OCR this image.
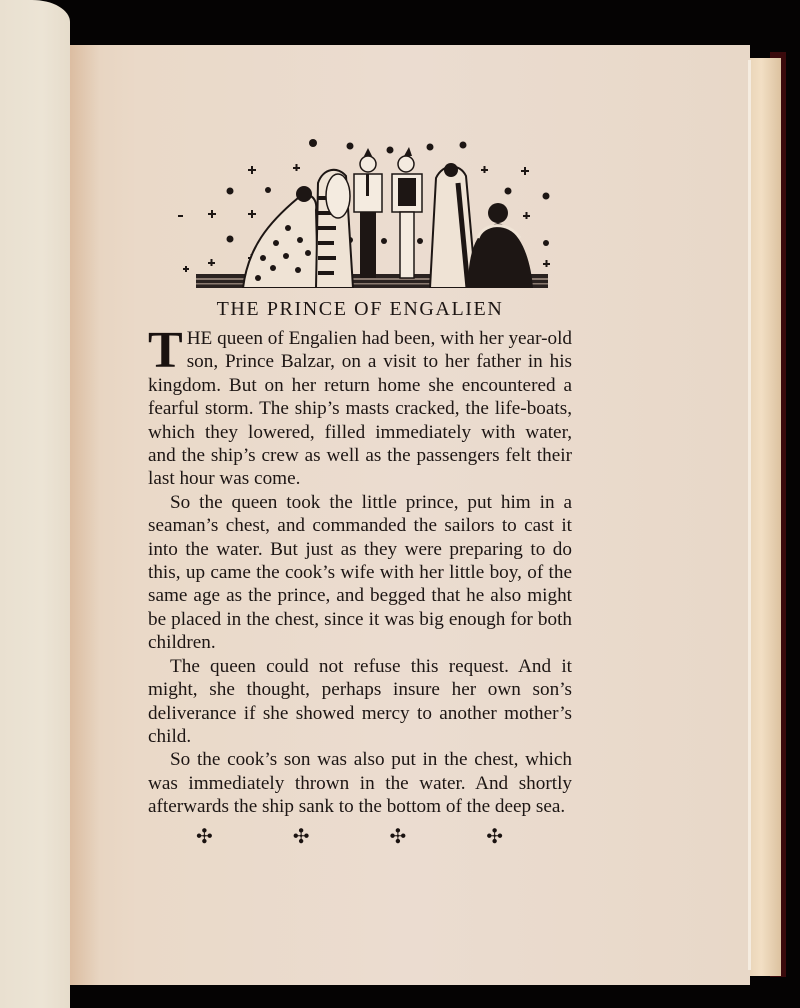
THE PRINCE OF ENGALIEN

THE queen of Engalien had been, with her year-old son, Prince Balzar, on a visit to her father in his kingdom. But on her return home she encountered a fearful storm. The ship’s masts cracked, the life-boats, which they lowered, filled immediately with water, and the ship’s crew as well as the passengers felt their last hour was come.

So the queen took the little prince, put him in a seaman’s chest, and commanded the sailors to cast it into the water. But just as they were preparing to do this, up came the cook’s wife with her little boy, of the same age as the prince, and begged that he also might be placed in the chest, since it was big enough for both children.

The queen could not refuse this request. And it might, she thought, perhaps insure her own son’s deliverance if she showed mercy to another mother’s child.

So the cook’s son was also put in the chest, which was immediately thrown in the water. And shortly afterwards the ship sank to the bottom of the deep sea.

✣	✣	✣	✣
